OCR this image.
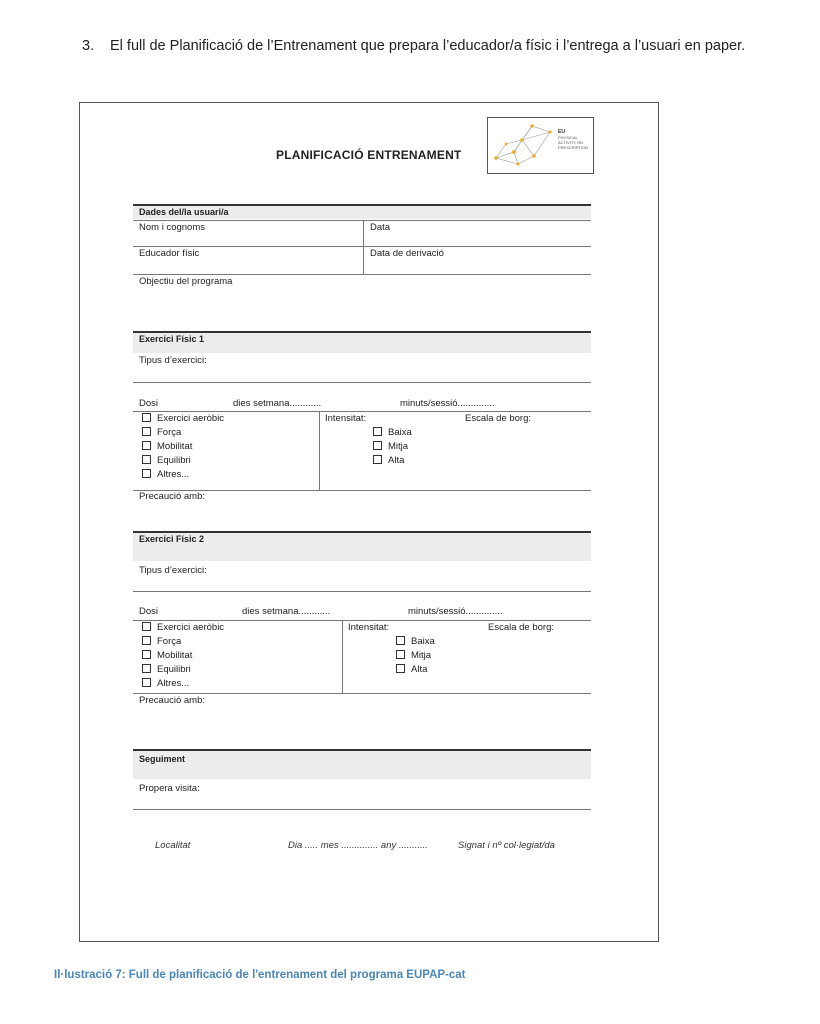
3. El full de Planificació de l’Entrenament que prepara l’educador/a físic i l’entrega a l’usuari en paper.
PLANIFICACIÓ ENTRENAMENT
EU
PHYSICAL
ACTIVITY ON
PRESCRIPTION
Dades del/la usuari/a
Nom i cognoms	Data
Educador físic	Data de derivació
Objectiu del programa
Exercici Físic 1
Tipus d’exercici:
Dosi	dies setmana............	minuts/sessió..............
Exercici aeròbic
Força
Mobilitat
Equilibri
Altres...
Intensitat:	Escala de borg:
Baixa
Mitja
Alta
Precaució amb:
Exercici Físic 2
Tipus d’exercici:
Dosi	dies setmana............	minuts/sessió..............
Exercici aeròbic
Força
Mobilitat
Equilibri
Altres...
Intensitat:	Escala de borg:
Baixa
Mitja
Alta
Precaució amb:
Seguiment
Propera visita:
Localitat	Dia ..... mes .............. any ...........	Signat i nº col·legiat/da
Il·lustració 7: Full de planificació de l'entrenament del programa EUPAP-cat
